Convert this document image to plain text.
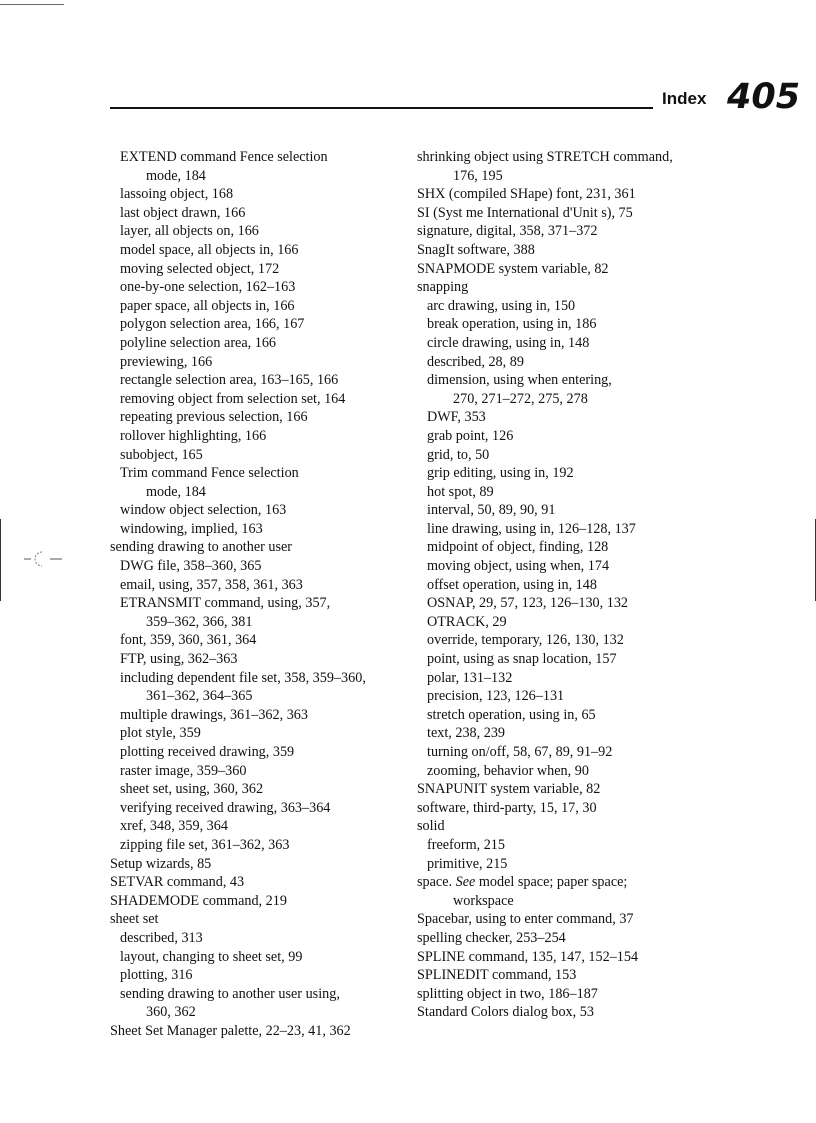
Index 405
EXTEND command Fence selection
mode, 184
lassoing object, 168
last object drawn, 166
layer, all objects on, 166
model space, all objects in, 166
moving selected object, 172
one-by-one selection, 162–163
paper space, all objects in, 166
polygon selection area, 166, 167
polyline selection area, 166
previewing, 166
rectangle selection area, 163–165, 166
removing object from selection set, 164
repeating previous selection, 166
rollover highlighting, 166
subobject, 165
Trim command Fence selection
mode, 184
window object selection, 163
windowing, implied, 163
sending drawing to another user
DWG file, 358–360, 365
email, using, 357, 358, 361, 363
ETRANSMIT command, using, 357,
359–362, 366, 381
font, 359, 360, 361, 364
FTP, using, 362–363
including dependent file set, 358, 359–360,
361–362, 364–365
multiple drawings, 361–362, 363
plot style, 359
plotting received drawing, 359
raster image, 359–360
sheet set, using, 360, 362
verifying received drawing, 363–364
xref, 348, 359, 364
zipping file set, 361–362, 363
Setup wizards, 85
SETVAR command, 43
SHADEMODE command, 219
sheet set
described, 313
layout, changing to sheet set, 99
plotting, 316
sending drawing to another user using,
360, 362
Sheet Set Manager palette, 22–23, 41, 362
shrinking object using STRETCH command,
176, 195
SHX (compiled SHape) font, 231, 361
SI (Syst me International d'Unit s), 75
signature, digital, 358, 371–372
SnagIt software, 388
SNAPMODE system variable, 82
snapping
arc drawing, using in, 150
break operation, using in, 186
circle drawing, using in, 148
described, 28, 89
dimension, using when entering,
270, 271–272, 275, 278
DWF, 353
grab point, 126
grid, to, 50
grip editing, using in, 192
hot spot, 89
interval, 50, 89, 90, 91
line drawing, using in, 126–128, 137
midpoint of object, finding, 128
moving object, using when, 174
offset operation, using in, 148
OSNAP, 29, 57, 123, 126–130, 132
OTRACK, 29
override, temporary, 126, 130, 132
point, using as snap location, 157
polar, 131–132
precision, 123, 126–131
stretch operation, using in, 65
text, 238, 239
turning on/off, 58, 67, 89, 91–92
zooming, behavior when, 90
SNAPUNIT system variable, 82
software, third-party, 15, 17, 30
solid
freeform, 215
primitive, 215
space. See model space; paper space;
workspace
Spacebar, using to enter command, 37
spelling checker, 253–254
SPLINE command, 135, 147, 152–154
SPLINEDIT command, 153
splitting object in two, 186–187
Standard Colors dialog box, 53
